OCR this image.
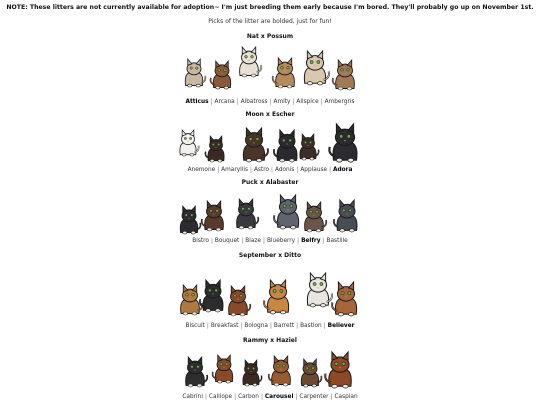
NOTE: These litters are not currently available for adoption~ I'm just breeding them early because I'm bored. They'll probably go up on November 1st.
Picks of the litter are bolded, just for fun!
Nat x Possum
Atticus | Arcana | Albatross | Amity | Allspice | Ambergris
Moon x Escher
Anemone | Amaryllis | Astro | Adonis | Applause | Adora
Puck x Alabaster
Bistro | Bouquet | Blaze | Blueberry | Belfry | Bastille
September x Ditto
Biscuit | Breakfast | Bologna | Barrett | Bastion | Believer
Rammy x Haziel
Cabrini | Calliope | Carbon | Carousel | Carpenter | Caspian
